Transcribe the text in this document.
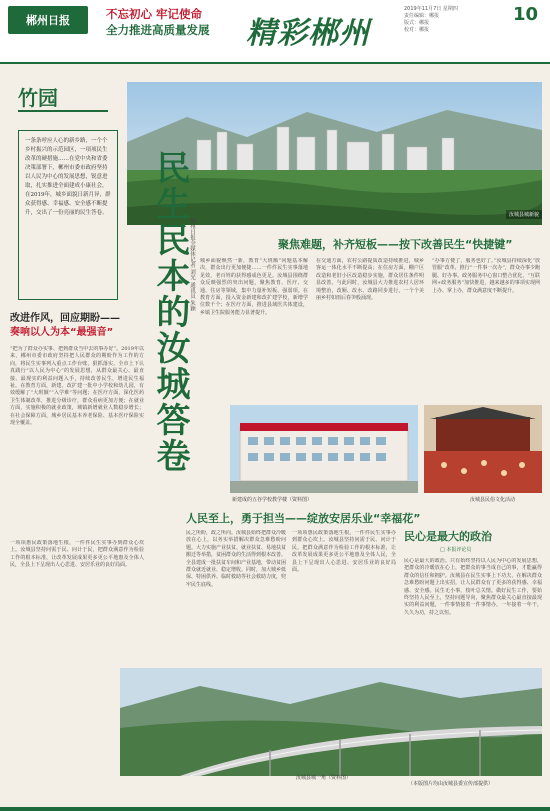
郴州日报	不忘初心 牢记使命
全力推进高质量发展 精彩郴州
2019年11月7日 星期四
责任编辑：郴报
版式：郴报
校对：郴报
10
竹园
一条条呼应人心的新乡路，一个个乡村振兴的示范园区，一项项民生改革的硬措施……在党中央和省委决策部署下，郴州市委市政府坚持以人民为中心的发展思想，锐意进取，扎实推进全面建成小康社会，在2019年，城乡面貌日新月异，群众获得感、幸福感、安全感不断提升，交出了一份亮丽的民生答卷。
改进作风，回应期盼——
奏响以人为本“最强音”
“把为了群众办实事、把到群众当中去的事办好”。2019年以来，郴州市委市政府坚持把人民群众的期盼作为工作的方向，将民生实事列入重点工作台账，狠抓落实。全市上下认真践行“以人民为中心”的发展思想，从群众最关心、最直接、最现实的利益问题入手，持续改善民生，增进民生福祉。在教育方面，新建、改扩建一批中小学校和幼儿园，有效缓解了“大班额”“入学难”等问题；在医疗方面，深化医药卫生体制改革，推进分级诊疗，群众看病更加方便；在就业方面，实施积极的就业政策，城镇新增就业人数稳步增长；在社会保障方面，城乡居民基本养老保险、基本医疗保险实现全覆盖。
一项项惠民政策落地生根，一件件民生实事办到群众心坎上。汝城县坚持问需于民、问计于民，把群众满意作为检验工作的根本标准，让改革发展成果更多更公平地惠及全体人民，全县上下呈现出人心思进、安居乐业的良好局面。
汝城县城新貌
民生民本的汝城答卷 郴州日报全媒体记者 刘光 通讯员 朱颖	聚焦难题，补齐短板——按下改善民生“快捷键”
城乡面貌焕然一新，教育“大班额”问题基本解决，群众出行更加便捷……一件件民生实事落地见效，老百姓的获得感成色更足。汝城县围绕群众反映强烈的突出问题，聚焦教育、医疗、交通、住房等领域，集中力量补短板、强弱项。在教育方面，投入资金新建和改扩建学校，新增学位数千个；在医疗方面，推进县域医共体建设，乡镇卫生院服务能力显著提升。
在交通方面，农村公路提质改造持续推进，城乡客运一体化水平不断提高；在住房方面，棚户区改造和老旧小区改造稳步实施，群众居住条件明显改善。与此同时，汝城县大力推进农村人居环境整治，改厕、改水、改路同步进行，一个个美丽乡村如雨后春笋般涌现。
“办事方便了，服务也好了。”汝城县持续深化“放管服”改革，推行“一件事一次办”，群众办事少跑腿、好办事。政务服务中心窗口整合优化，“互联网+政务服务”加快推进，越来越多的事项实现网上办、掌上办，群众满意度不断提升。
新建成的五谷学校教学楼（资料图）	汝城县民俗文化活动
人民至上，勇于担当——绽放安居乐业“幸福花”
民之所盼，政之所向。汝城县始终把群众冷暖放在心上，以务实举措解决群众急难愁盼问题。大力实施产业扶贫、就业扶贫、易地扶贫搬迁等举措，贫困群众的生活得到根本改善。全县建成一批扶贫车间和产业基地，带动贫困群众就近就业、稳定增收。同时，加大城乡低保、特困供养、临时救助等社会救助力度，兜牢民生底线。
一项项惠民政策落地生根，一件件民生实事办到群众心坎上。汝城县坚持问需于民、问计于民，把群众满意作为检验工作的根本标准，让改革发展成果更多更公平地惠及全体人民，全县上下呈现出人心思进、安居乐业的良好局面。
民心是最大的政治
□ 本报评论员
民心是最大的政治。只有始终坚持以人民为中心的发展思想，把群众的冷暖放在心上，把群众的事当成自己的事，才能赢得群众的信任和拥护。汝城县在民生实事上下功夫，在解决群众急难愁盼问题上出实招，让人民群众有了更多的获得感、幸福感、安全感。民生无小事，枝叶总关情。做好民生工作，要始终坚持人民至上，坚持问题导向，聚焦群众最关心最直接最现实的利益问题，一件事情接着一件事情办，一年接着一年干，久久为功，持之以恒。
汝城县城一角（资料图）
（本版图片均由汝城县委宣传部提供）
